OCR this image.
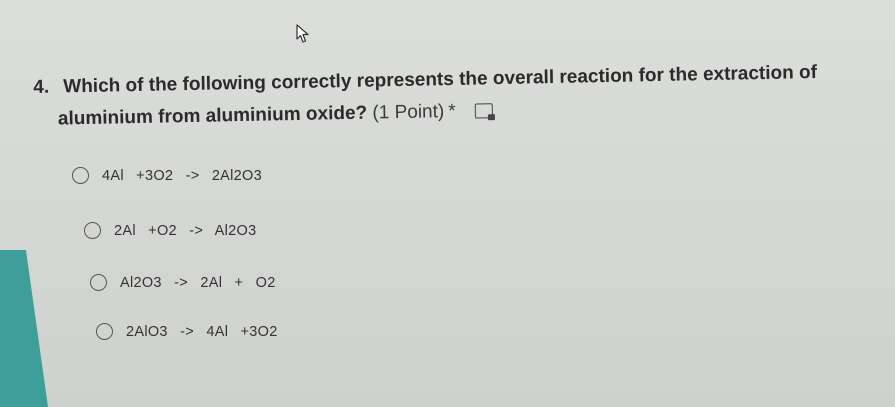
4. Which of the following correctly represents the overall reaction for the extraction of
aluminium from aluminium oxide? (1 Point) *
4Al +3O2 -> 2Al2O3
2Al +O2 -> Al2O3
Al2O3 -> 2Al + O2
2AlO3 -> 4Al +3O2
